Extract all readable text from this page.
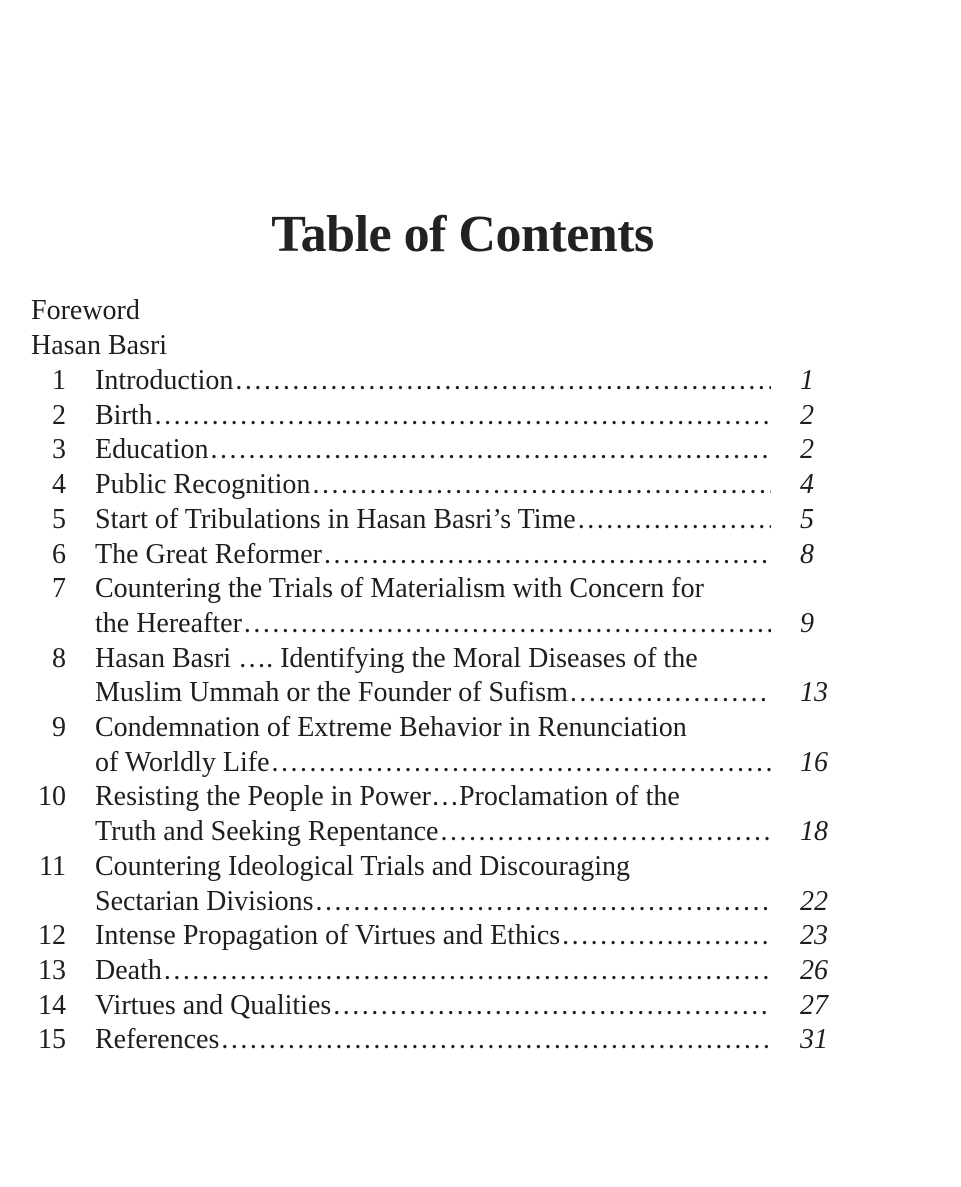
Table of Contents
Foreword
Hasan Basri
1 Introduction .....	1
2 Birth .....	2
3 Education .....	2
4 Public Recognition .....	4
5 Start of Tribulations in Hasan Basri’s Time .....	5
6 The Great Reformer .....	8
7 Countering the Trials of Materialism with Concern for
the Hereafter .....	9
8 Hasan Basri …. Identifying the Moral Diseases of the
Muslim Ummah or the Founder of Sufism .....	13
9 Condemnation of Extreme Behavior in Renunciation
of Worldly Life .....	16
10 Resisting the People in Power…Proclamation of the
Truth and Seeking Repentance .....	18
11 Countering Ideological Trials and Discouraging
Sectarian Divisions .....	22
12 Intense Propagation of Virtues and Ethics .....	23
13 Death .....	26
14 Virtues and Qualities .....	27
15 References .....	31
